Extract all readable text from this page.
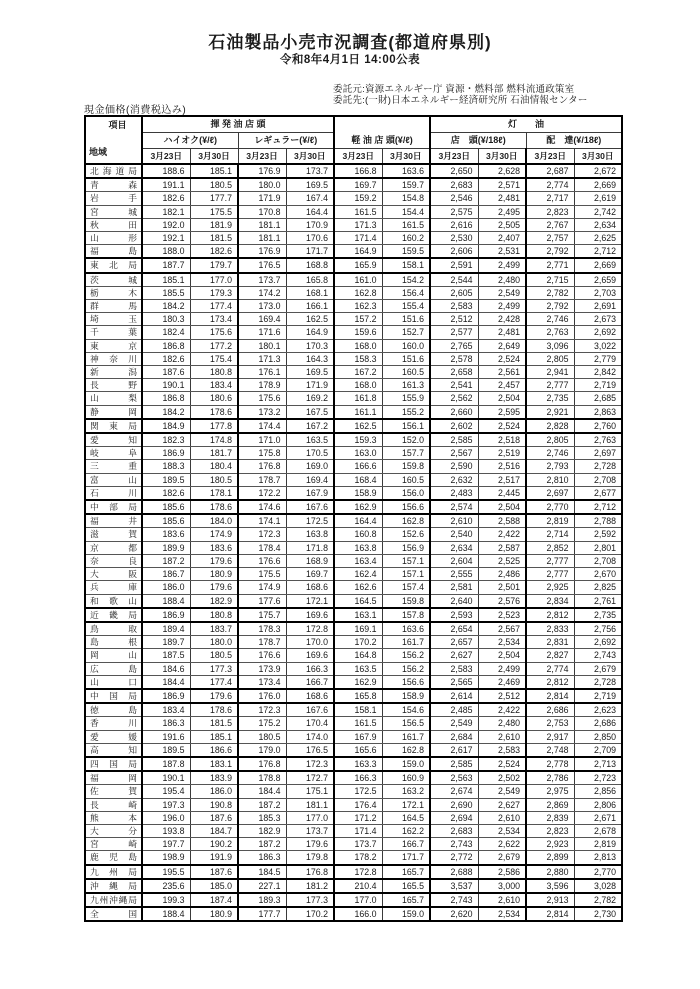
石油製品小売市況調査(都道府県別)
令和8年4月1日 14:00公表
委託元:資源エネルギー庁 資源・燃料部 燃料流通政策室
委託先:(一財)日本エネルギー経済研究所 石油情報センター
現金価格(消費税込み)
項目
地域	揮 発 油 店 頭				軽 油 店 頭(¥/ℓ)		灯　　油			
	ハイオク(¥/ℓ)		レギュラー(¥/ℓ)				店　頭(¥/18ℓ)		配　達(¥/18ℓ)	
	3月23日	3月30日	3月23日	3月30日	3月23日	3月30日	3月23日	3月30日	3月23日	3月30日
北海道局	188.6	185.1	176.9	173.7	166.8	163.6	2,650	2,628	2,687	2,672
青森	191.1	180.5	180.0	169.5	169.7	159.7	2,683	2,571	2,774	2,669
岩手	182.6	177.7	171.9	167.4	159.2	154.8	2,546	2,481	2,717	2,619
宮城	182.1	175.5	170.8	164.4	161.5	154.4	2,575	2,495	2,823	2,742
秋田	192.0	181.9	181.1	170.9	171.3	161.5	2,616	2,505	2,767	2,634
山形	192.1	181.5	181.1	170.6	171.4	160.2	2,530	2,407	2,757	2,625
福島	188.0	182.6	176.9	171.7	164.9	159.5	2,606	2,531	2,792	2,712
東北局	187.7	179.7	176.5	168.8	165.9	158.1	2,591	2,499	2,771	2,669
茨城	185.1	177.0	173.7	165.8	161.0	154.2	2,544	2,480	2,715	2,659
栃木	185.5	179.3	174.2	168.1	162.8	156.4	2,605	2,549	2,782	2,703
群馬	184.2	177.4	173.0	166.1	162.3	155.4	2,583	2,499	2,792	2,691
埼玉	180.3	173.4	169.4	162.5	157.2	151.6	2,512	2,428	2,746	2,673
千葉	182.4	175.6	171.6	164.9	159.6	152.7	2,577	2,481	2,763	2,692
東京	186.8	177.2	180.1	170.3	168.0	160.0	2,765	2,649	3,096	3,022
神奈川	182.6	175.4	171.3	164.3	158.3	151.6	2,578	2,524	2,805	2,779
新潟	187.6	180.8	176.1	169.5	167.2	160.5	2,658	2,561	2,941	2,842
長野	190.1	183.4	178.9	171.9	168.0	161.3	2,541	2,457	2,777	2,719
山梨	186.8	180.6	175.6	169.2	161.8	155.9	2,562	2,504	2,735	2,685
静岡	184.2	178.6	173.2	167.5	161.1	155.2	2,660	2,595	2,921	2,863
関東局	184.9	177.8	174.4	167.2	162.5	156.1	2,602	2,524	2,828	2,760
愛知	182.3	174.8	171.0	163.5	159.3	152.0	2,585	2,518	2,805	2,763
岐阜	186.9	181.7	175.8	170.5	163.0	157.7	2,567	2,519	2,746	2,697
三重	188.3	180.4	176.8	169.0	166.6	159.8	2,590	2,516	2,793	2,728
富山	189.5	180.5	178.7	169.4	168.4	160.5	2,632	2,517	2,810	2,708
石川	182.6	178.1	172.2	167.9	158.9	156.0	2,483	2,445	2,697	2,677
中部局	185.6	178.6	174.6	167.6	162.9	156.6	2,574	2,504	2,770	2,712
福井	185.6	184.0	174.1	172.5	164.4	162.8	2,610	2,588	2,819	2,788
滋賀	183.6	174.9	172.3	163.8	160.8	152.6	2,540	2,422	2,714	2,592
京都	189.9	183.6	178.4	171.8	163.8	156.9	2,634	2,587	2,852	2,801
奈良	187.2	179.6	176.6	168.9	163.4	157.1	2,604	2,525	2,777	2,708
大阪	186.7	180.9	175.5	169.7	162.4	157.1	2,555	2,486	2,777	2,670
兵庫	186.0	179.6	174.9	168.6	162.6	157.4	2,581	2,501	2,925	2,825
和歌山	188.4	182.9	177.6	172.1	164.5	159.8	2,640	2,576	2,834	2,761
近畿局	186.9	180.8	175.7	169.6	163.1	157.8	2,593	2,523	2,812	2,735
鳥取	189.4	183.7	178.3	172.8	169.1	163.6	2,654	2,567	2,833	2,756
島根	189.7	180.0	178.7	170.0	170.2	161.7	2,657	2,534	2,831	2,692
岡山	187.5	180.5	176.6	169.6	164.8	156.2	2,627	2,504	2,827	2,743
広島	184.6	177.3	173.9	166.3	163.5	156.2	2,583	2,499	2,774	2,679
山口	184.4	177.4	173.4	166.7	162.9	156.6	2,565	2,469	2,812	2,728
中国局	186.9	179.6	176.0	168.6	165.8	158.9	2,614	2,512	2,814	2,719
徳島	183.4	178.6	172.3	167.6	158.1	154.6	2,485	2,422	2,686	2,623
香川	186.3	181.5	175.2	170.4	161.5	156.5	2,549	2,480	2,753	2,686
愛媛	191.6	185.1	180.5	174.0	167.9	161.7	2,684	2,610	2,917	2,850
高知	189.5	186.6	179.0	176.5	165.6	162.8	2,617	2,583	2,748	2,709
四国局	187.8	183.1	176.8	172.3	163.3	159.0	2,585	2,524	2,778	2,713
福岡	190.1	183.9	178.8	172.7	166.3	160.9	2,563	2,502	2,786	2,723
佐賀	195.4	186.0	184.4	175.1	172.5	163.2	2,674	2,549	2,975	2,856
長崎	197.3	190.8	187.2	181.1	176.4	172.1	2,690	2,627	2,869	2,806
熊本	196.0	187.6	185.3	177.0	171.2	164.5	2,694	2,610	2,839	2,671
大分	193.8	184.7	182.9	173.7	171.4	162.2	2,683	2,534	2,823	2,678
宮崎	197.7	190.2	187.2	179.6	173.7	166.7	2,743	2,622	2,923	2,819
鹿児島	198.9	191.9	186.3	179.8	178.2	171.7	2,772	2,679	2,899	2,813
九州局	195.5	187.6	184.5	176.8	172.8	165.7	2,688	2,586	2,880	2,770
沖縄局	235.6	185.0	227.1	181.2	210.4	165.5	3,537	3,000	3,596	3,028
九州沖縄局	199.3	187.4	189.3	177.3	177.0	165.7	2,743	2,610	2,913	2,782
全国	188.4	180.9	177.7	170.2	166.0	159.0	2,620	2,534	2,814	2,730
